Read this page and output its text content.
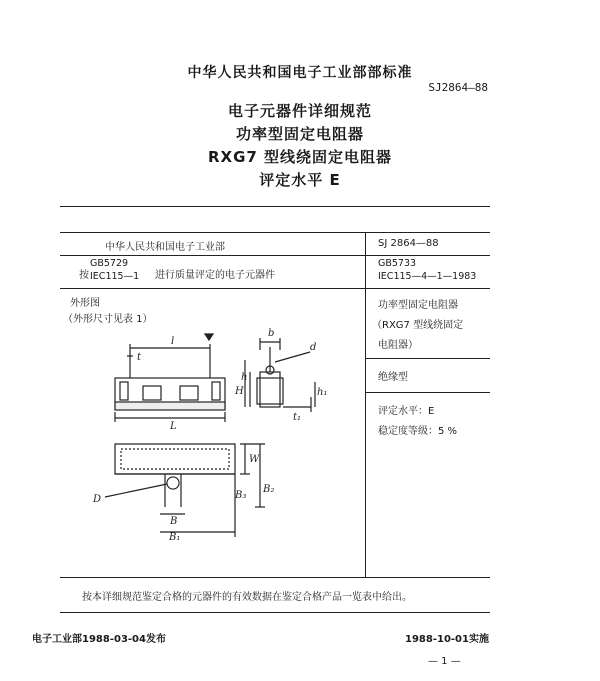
中华人民共和国电子工业部部标准
SJ2864—88
电子元器件详细规范
功率型固定电阻器
RXG7 型线绕固定电阻器
评定水平 E
中华人民共和国电子工业部	SJ 2864—88
按
GB5729
IEC115—1 进行质量评定的电子元器件
GB5733
IEC115—4—1—1983
外形图
（外形尺寸见表 1）
功率型固定电阻器
（RXG7 型线绕固定
电阻器）
绝缘型
评定水平：E
稳定度等级：5 %
l
t
L
H
h
h₁
b
d
t₁
W
B₂
B₃
B
B₁
D
按本详细规范鉴定合格的元器件的有效数据在鉴定合格产品一览表中给出。
电子工业部1988-03-04发布	1988-10-01实施
— 1 —
